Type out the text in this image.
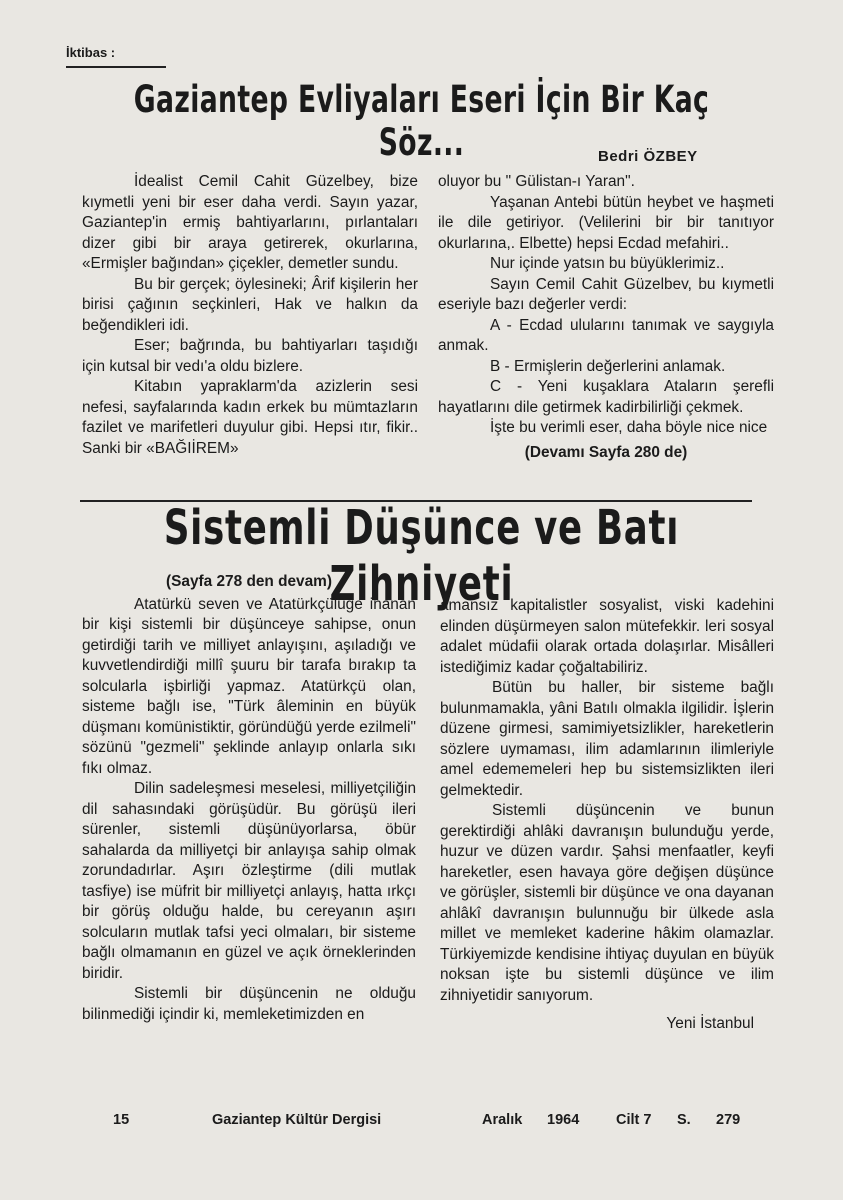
İktibas :
Gaziantep Evliyaları Eseri İçin Bir Kaç Söz...	Bedri ÖZBEY

İdealist Cemil Cahit Güzelbey, bize kıymetli yeni bir eser daha verdi. Sayın yazar, Gaziantep'in ermiş bahtiyarlarını, pırlantaları dizer gibi bir araya getirerek, okurlarına, «Ermişler bağından» çiçekler, demetler sundu.

Bu bir gerçek; öylesineki; Ârif kişilerin her birisi çağının seçkinleri, Hak ve halkın da beğendikleri idi.

Eser; bağrında, bu bahtiyarları taşıdığı için kutsal bir vedı'a oldu bizlere.

Kitabın yapraklarm'da azizlerin sesi nefesi, sayfalarında kadın erkek bu mümtazların fazilet ve marifetleri duyulur gibi. Hepsi ıtır, fikir.. Sanki bir «BAĞIİREM»

oluyor bu " Gülistan-ı Yaran".

Yaşanan Antebi bütün heybet ve haşmeti ile dile getiriyor. (Velilerini bir bir tanıtıyor okurlarına,. Elbette) hepsi Ecdad mefahiri..

Nur içinde yatsın bu büyüklerimiz..

Sayın Cemil Cahit Güzelbev, bu kıymetli eseriyle bazı değerler verdi:

A - Ecdad ulularını tanımak ve saygıyla anmak.

B - Ermişlerin değerlerini anlamak.

C - Yeni kuşaklara Ataların şerefli hayatlarını dile getirmek kadirbilirliği çekmek.

İşte bu verimli eser, daha böyle nice nice

(Devamı Sayfa 280 de)

Sistemli Düşünce ve Batı Zihniyeti

(Sayfa 278 den devam)

Atatürkü seven ve Atatürkçülüğe inanan bir kişi sistemli bir düşünceye sahipse, onun getirdiği tarih ve milliyet anlayışını, aşıladığı ve kuvvetlendirdiği millî şuuru bir tarafa bırakıp ta solcularla işbirliği yapmaz. Atatürkçü olan, sisteme bağlı ise, "Türk âleminin en büyük düşmanı komünistiktir, göründüğü yerde ezilmeli" sözünü "gezmeli" şeklinde anlayıp onlarla sıkı fıkı olmaz.

Dilin sadeleşmesi meselesi, milliyetçiliğin dil sahasındaki görüşüdür. Bu görüşü ileri sürenler, sistemli düşünüyorlarsa, öbür sahalarda da milliyetçi bir anlayışa sahip olmak zorundadırlar. Aşırı özleştirme (dili mutlak tasfiye) ise müfrit bir milliyetçi anlayış, hatta ırkçı bir görüş olduğu halde, bu cereyanın aşırı solcuların mutlak tafsi yeci olmaları, bir sisteme bağlı olmamanın en güzel ve açık örneklerinden biridir.

Sistemli bir düşüncenin ne olduğu bilinmediği içindir ki, memleketimizden en

amansız kapitalistler sosyalist, viski kadehini elinden düşürmeyen salon mütefekkir. leri sosyal adalet müdafii olarak ortada dolaşırlar. Misâlleri istediğimiz kadar çoğaltabiliriz.

Bütün bu haller, bir sisteme bağlı bulunmamakla, yâni Batılı olmakla ilgilidir. İşlerin düzene girmesi, samimiyetsizlikler, hareketlerin sözlere uymaması, ilim adamlarının ilimleriyle amel edememeleri hep bu sistemsizlikten ileri gelmektedir.

Sistemli düşüncenin ve bunun gerektirdiği ahlâki davranışın bulunduğu yerde, huzur ve düzen vardır. Şahsi menfaatler, keyfi hareketler, esen havaya göre değişen düşünce ve görüşler, sistemli bir düşünce ve ona dayanan ahlâkî davranışın bulunnuğu bir ülkede asla millet ve memleket kaderine hâkim olamazlar. Türkiyemizde kendisine ihtiyaç duyulan en büyük noksan işte bu sistemli düşünce ve ilim zihniyetidir sanıyorum.

Yeni İstanbul

15	Gaziantep Kültür Dergisi	Aralık 1964	Cilt 7 S. 279
